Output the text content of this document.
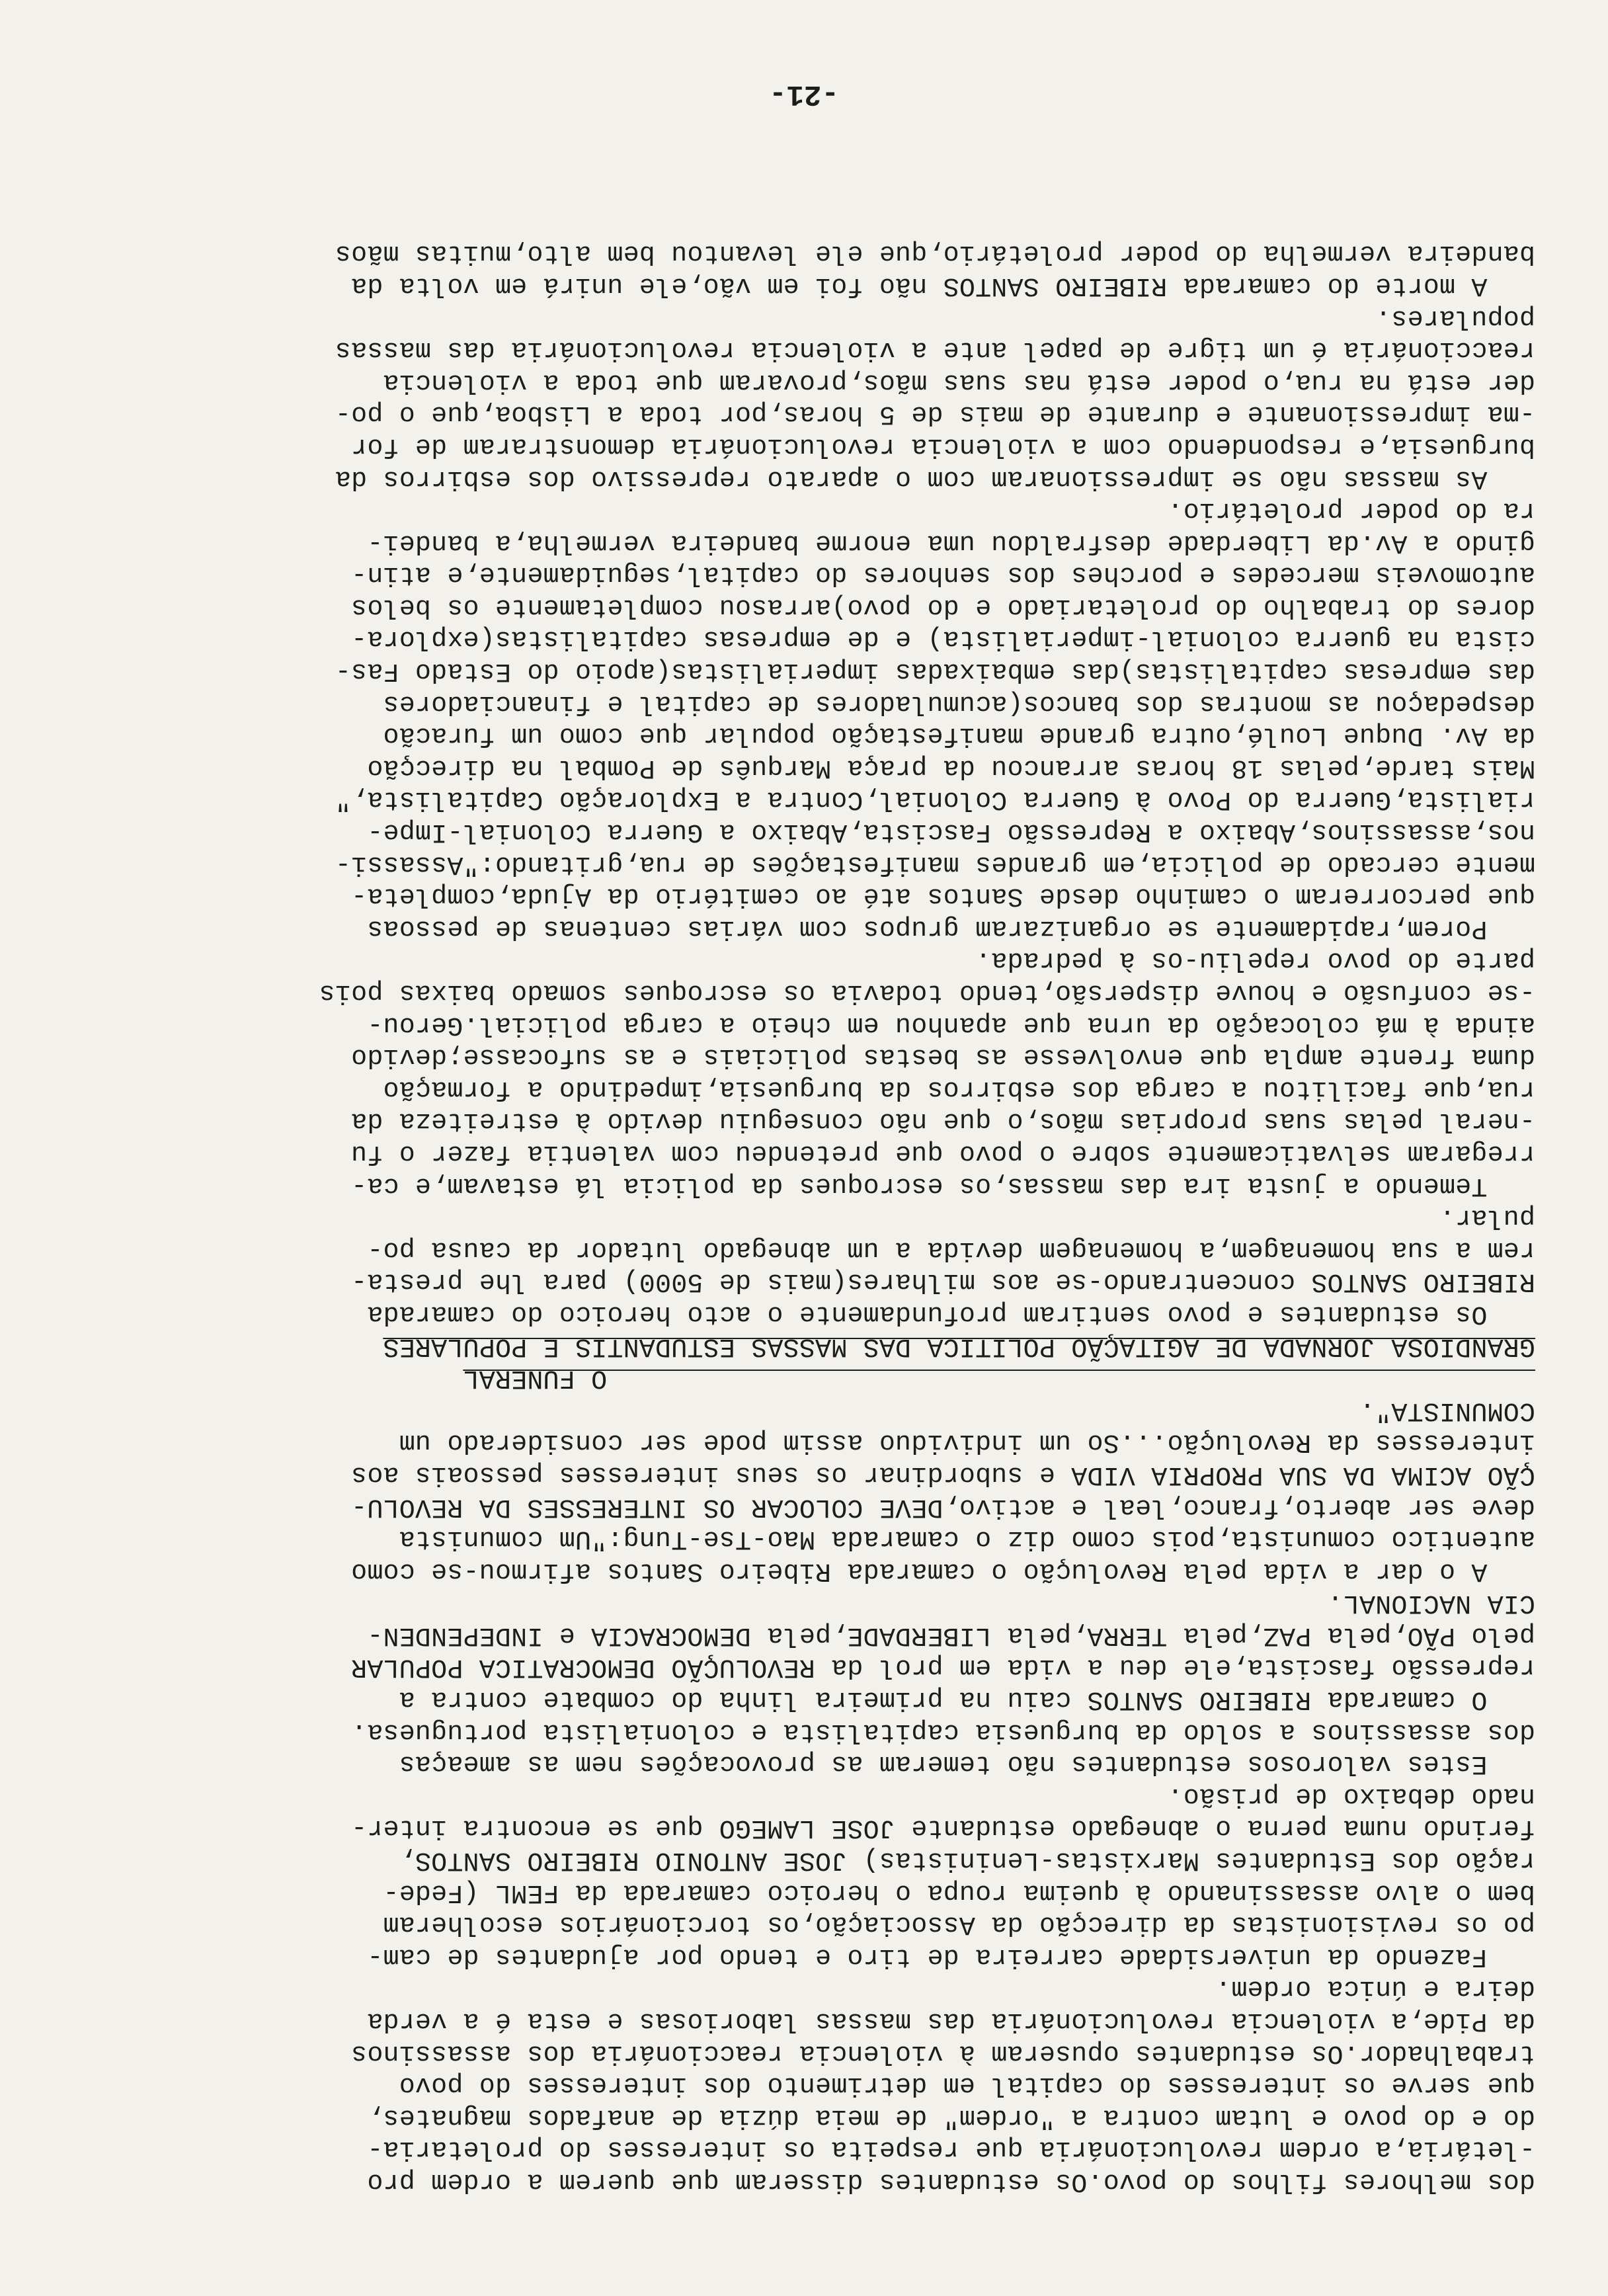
dos melhores filhos do povo.Os estudantes disseram que querem a ordem pro
-letária,a ordem revolucionária que respeita os interesses do proletaria-
do e do povo e lutam contra a "ordem" de meia dúzia de anafados magnates,
que serve os interesses do capital em detrimento dos interesses do povo
trabalhador.Os estudantes opuseram à violencia reaccionária dos assassinos
da Pide,a violencia revolucionária das massas laboriosas e esta é a verda
deira e única ordem.
Fazendo da universidade carreira de tiro e tendo por ajudantes de cam-
po os revisionistas da direcção da Associação,os torcionários escolheram
bem o alvo assassinando à queima roupa o heroico camarada da FEML (Fede-
ração dos Estudantes Marxistas-Leninistas) JOSE ANTONIO RIBEIRO SANTOS,
ferindo numa perna o abnegado estudante JOSE LAMEGO que se encontra inter-
nado debaixo de prisão.
Estes valorosos estudantes não temeram as provocações nem as ameaças
dos assassinos a soldo da burguesia capitalista e colonialista portuguesa.
O camarada RIBEIRO SANTOS caiu na primeira linha do combate contra a
repressão fascista,ele deu a vida em prol da REVOLUÇÃO DEMOCRATICA POPULAR
pelo PÃO,pela PAZ,pela TERRA,pela LIBERDADE,pela DEMOCRACIA e INDEPENDEN-
CIA NACIONAL.
A o dar a vida pela Revolução o camarada Ribeiro Santos afirmou-se como
autentico comunista,pois como diz o camarada Mao-Tse-Tung:"Um comunista
deve ser aberto,franco,leal e activo,DEVE COLOCAR OS INTERESSES DA REVOLU-
ÇÃO ACIMA DA SUA PROPRIA VIDA e subordinar os seus interesses pessoais aos
interesses da Revolução...So um individuo assim pode ser considerado um
COMUNISTA".
O FUNERAL
GRANDIOSA JORNADA DE AGITAÇÃO POLITICA DAS MASSAS ESTUDANTIS E POPULARES
Os estudantes e povo sentiram profundamente o acto heroico do camarada
RIBEIRO SANTOS concentrando-se aos milhares(mais de 5000) para lhe presta-
rem a sua homenagem,a homenagem devida a um abnegado lutador da causa po-
pular.
Temendo a justa ira das massas,os escroques da policia lá estavam,e ca-
rregaram selvaticamente sobre o povo que pretendeu com valentia fazer o fu
-neral pelas suas proprias mãos,o que não conseguiu devido à estreiteza da
rua,que facilitou a carga dos esbirros da burguesia,impedindo a formação
duma frente ampla que envolvesse as bestas policiais e as sufocasse;devido
ainda à má colocação da urna que apanhou em cheio a carga policial.Gerou-
-se confusão e houve dispersão,tendo todavia os escroques somado baixas pois
parte do povo repeliu-os à pedrada.
Porem,rapidamente se organizaram grupos com várias centenas de pessoas
que percorreram o caminho desde Santos até ao cemitério da Ajuda,completa-
mente cercado de policia,em grandes manifestações de rua,gritando:"Assassi-
nos,assassinos,Abaixo a Repressão Fascista,Abaixo a Guerra Colonial-Impe-
rialista,Guerra do Povo à Guerra Colonial,Contra a Exploração Capitalista,"
Mais tarde,pelas 18 horas arrancou da praça Marquês de Pombal na direcção
da Av. Duque Loulé,outra grande manifestação popular que como um furacão
despedaçou as montras dos bancos(acumuladores de capital e financiadores
das empresas capitalistas)das embaixadas imperialistas(apoio do Estado Fas-
cista na guerra colonial-imperialista) e de empresas capitalistas(explora-
dores do trabalho do proletariado e do povo)arrasou completamente os belos
automoveis mercedes e porches dos senhores do capital,seguidamente,e atin-
gindo a Av.da Liberdade desfraldou uma enorme bandeira vermelha,a bandei-
ra do poder proletário.
As massas não se impressionaram com o aparato repressivo dos esbirros da
burguesia,e respondendo com a violencia revolucionária demonstraram de for
-ma impressionante e durante de mais de 5 horas,por toda a Lisboa,que o po-
der está na rua,o poder está nas suas mãos,provaram que toda a violencia
reaccionária é um tigre de papel ante a violencia revolucionária das massas
populares.
A morte do camarada RIBEIRO SANTOS não foi em vão,ele unirá em volta da
bandeira vermelha do poder proletário,que ele levantou bem alto,muitas mãos
-21-
